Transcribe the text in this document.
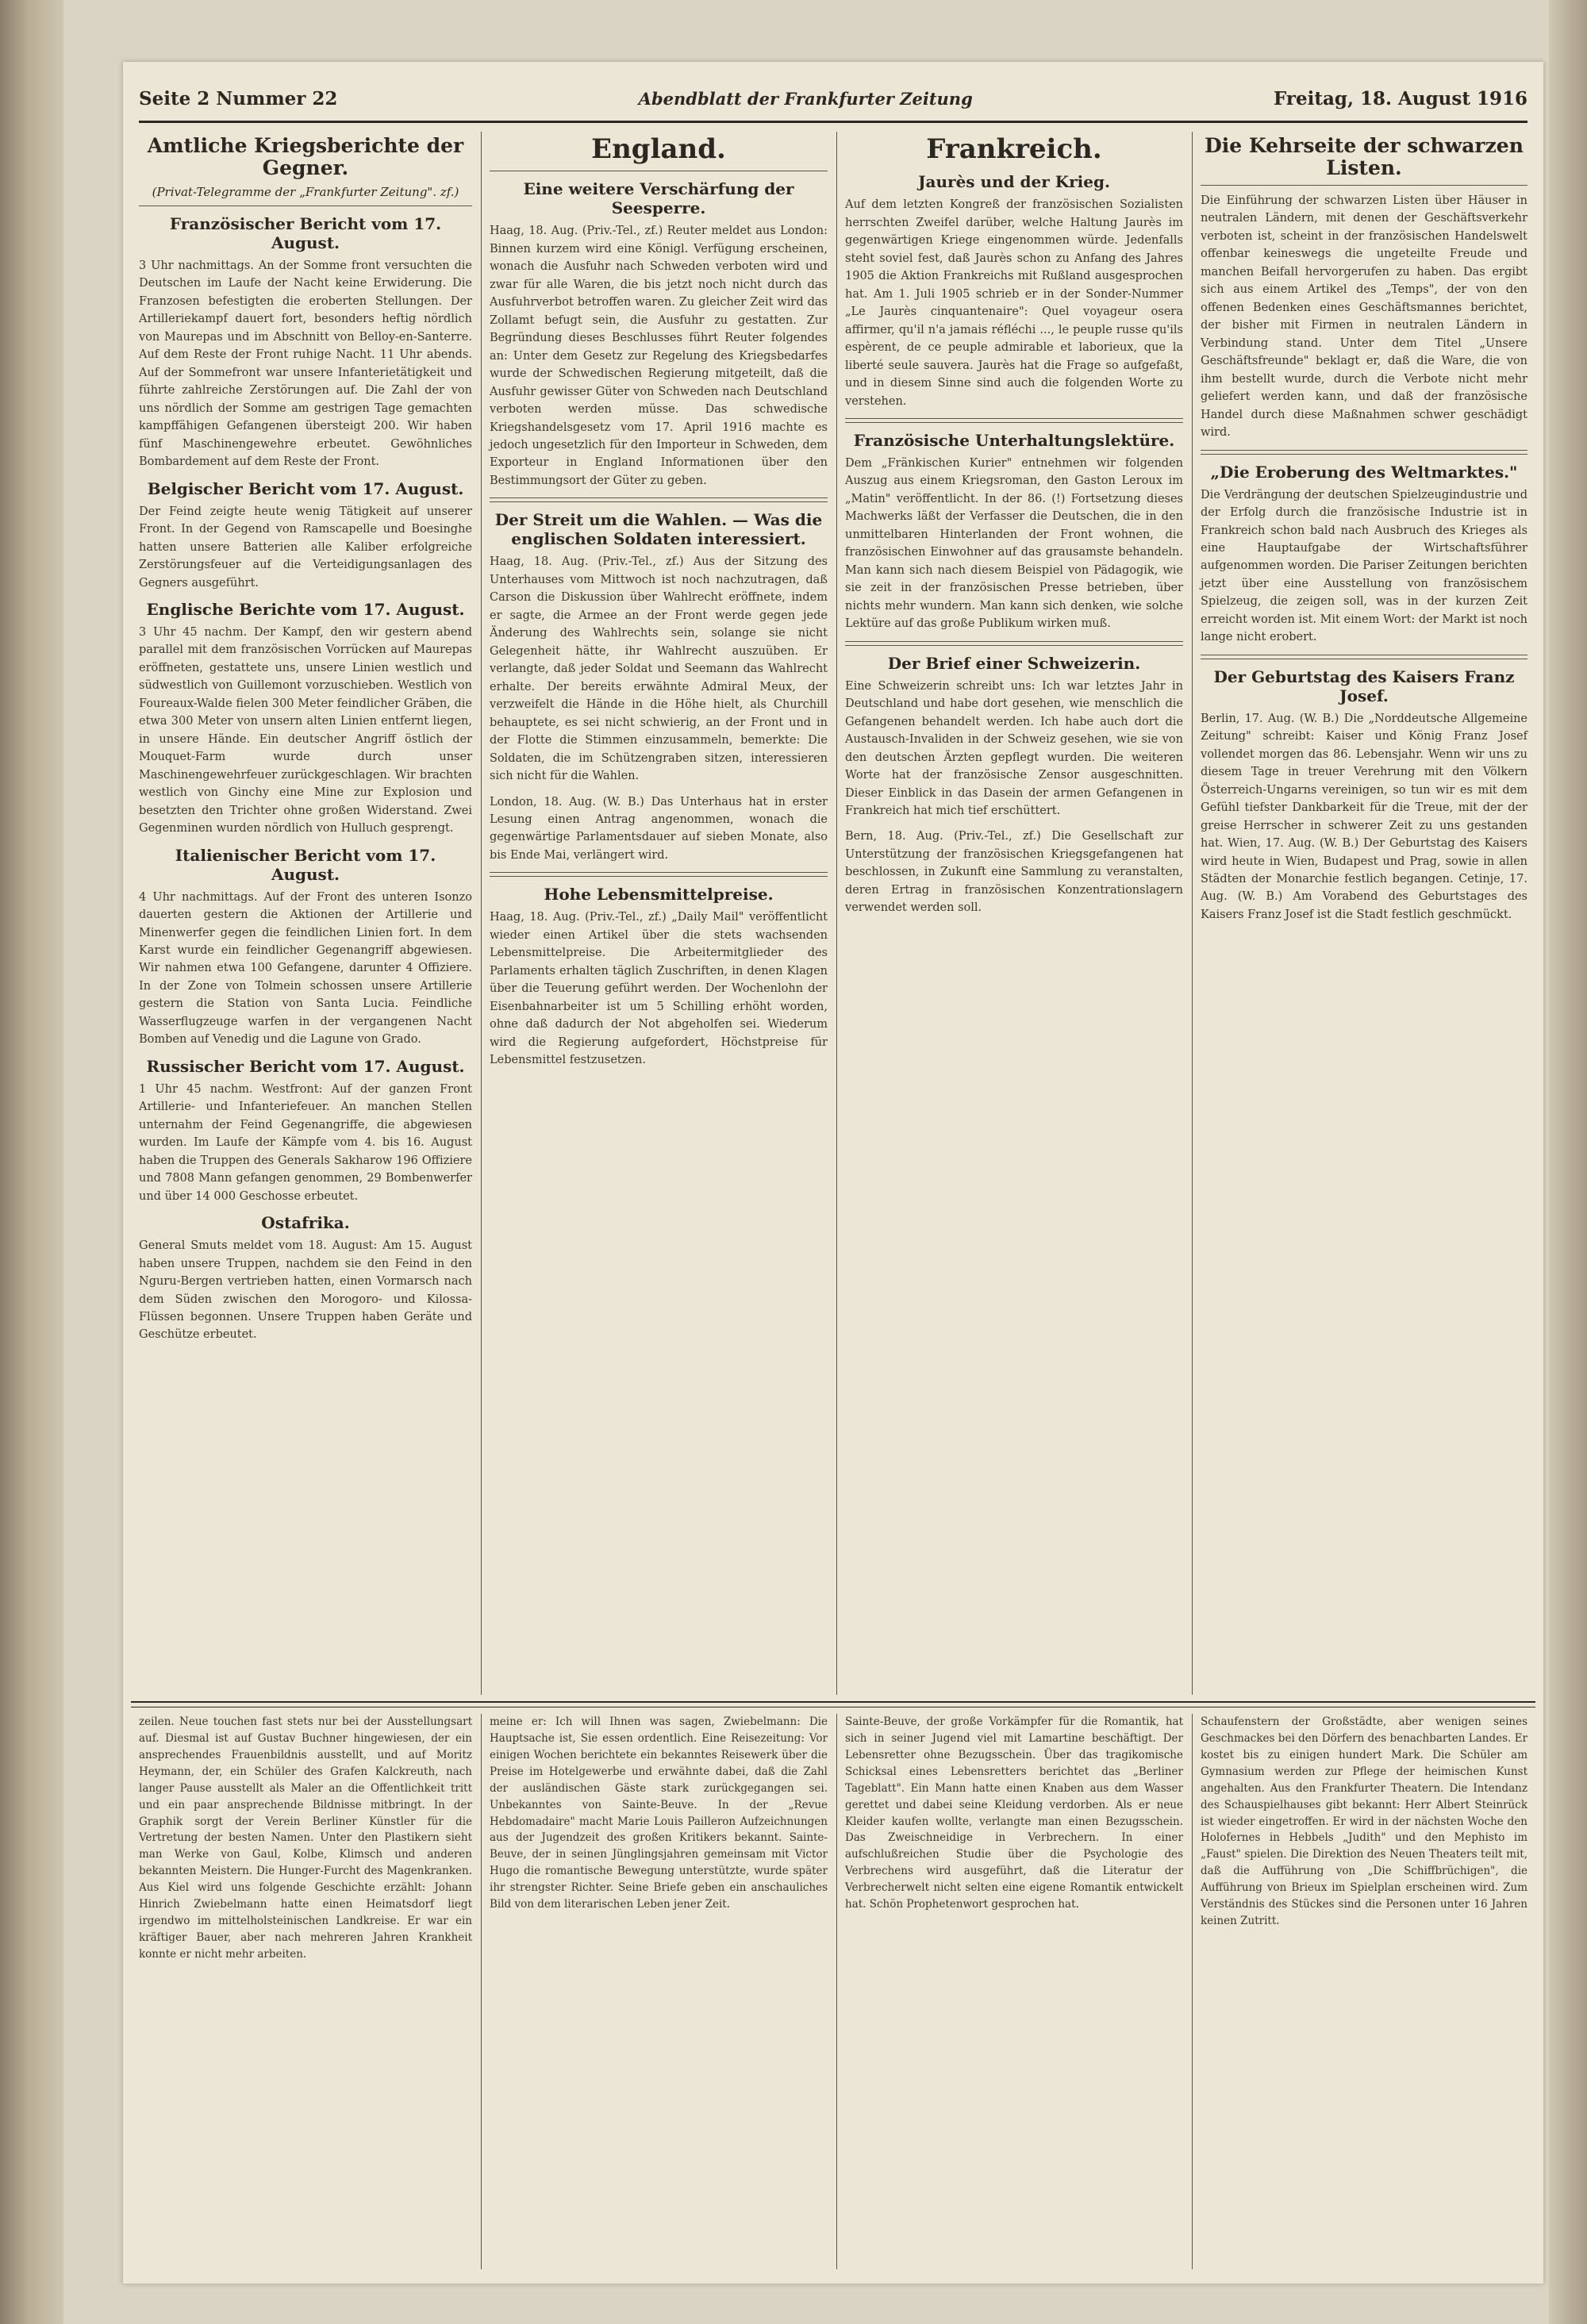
Seite 2 Nummer 22	Abendblatt der Frankfurter Zeitung	Freitag, 18. August 1916
Amtliche Kriegsberichte der Gegner.

(Privat-Telegramme der „Frankfurter Zeitung". zf.)

Französischer Bericht vom 17. August.

3 Uhr nachmittags. An der Somme front versuchten die Deutschen im Laufe der Nacht keine Erwiderung. Die Franzosen befestigten die eroberten Stellungen. Der Artilleriekampf dauert fort, besonders heftig nördlich von Maurepas und im Abschnitt von Belloy-en-Santerre. Auf dem Reste der Front ruhige Nacht. 11 Uhr abends. Auf der Sommefront war unsere Infanterietätigkeit und führte zahlreiche Zerstörungen auf. Die Zahl der von uns nördlich der Somme am gestrigen Tage gemachten kampffähigen Gefangenen übersteigt 200. Wir haben fünf Maschinengewehre erbeutet. Gewöhnliches Bombardement auf dem Reste der Front.

Belgischer Bericht vom 17. August.

Der Feind zeigte heute wenig Tätigkeit auf unserer Front. In der Gegend von Ramscapelle und Boesinghe hatten unsere Batterien alle Kaliber erfolgreiche Zerstörungsfeuer auf die Verteidigungsanlagen des Gegners ausgeführt.

Englische Berichte vom 17. August.

3 Uhr 45 nachm. Der Kampf, den wir gestern abend parallel mit dem französischen Vorrücken auf Maurepas eröffneten, gestattete uns, unsere Linien westlich und südwestlich von Guillemont vorzuschieben. Westlich von Foureaux-Walde fielen 300 Meter feindlicher Gräben, die etwa 300 Meter von unsern alten Linien entfernt liegen, in unsere Hände. Ein deutscher Angriff östlich der Mouquet-Farm wurde durch unser Maschinengewehrfeuer zurückgeschlagen. Wir brachten westlich von Ginchy eine Mine zur Explosion und besetzten den Trichter ohne großen Widerstand. Zwei Gegenminen wurden nördlich von Hulluch gesprengt.

Italienischer Bericht vom 17. August.

4 Uhr nachmittags. Auf der Front des unteren Isonzo dauerten gestern die Aktionen der Artillerie und Minenwerfer gegen die feindlichen Linien fort. In dem Karst wurde ein feindlicher Gegenangriff abgewiesen. Wir nahmen etwa 100 Gefangene, darunter 4 Offiziere. In der Zone von Tolmein schossen unsere Artillerie gestern die Station von Santa Lucia. Feindliche Wasserflugzeuge warfen in der vergangenen Nacht Bomben auf Venedig und die Lagune von Grado.

Russischer Bericht vom 17. August.

1 Uhr 45 nachm. Westfront: Auf der ganzen Front Artillerie- und Infanteriefeuer. An manchen Stellen unternahm der Feind Gegenangriffe, die abgewiesen wurden. Im Laufe der Kämpfe vom 4. bis 16. August haben die Truppen des Generals Sakharow 196 Offiziere und 7808 Mann gefangen genommen, 29 Bombenwerfer und über 14 000 Geschosse erbeutet.

Ostafrika.

General Smuts meldet vom 18. August: Am 15. August haben unsere Truppen, nachdem sie den Feind in den Nguru-Bergen vertrieben hatten, einen Vormarsch nach dem Süden zwischen den Morogoro- und Kilossa-Flüssen begonnen. Unsere Truppen haben Geräte und Geschütze erbeutet.

England.
Eine weitere Verschärfung der Seesperre.

Haag, 18. Aug. (Priv.-Tel., zf.) Reuter meldet aus London: Binnen kurzem wird eine Königl. Verfügung erscheinen, wonach die Ausfuhr nach Schweden verboten wird und zwar für alle Waren, die bis jetzt noch nicht durch das Ausfuhrverbot betroffen waren. Zu gleicher Zeit wird das Zollamt befugt sein, die Ausfuhr zu gestatten. Zur Begründung dieses Beschlusses führt Reuter folgendes an: Unter dem Gesetz zur Regelung des Kriegsbedarfes wurde der Schwedischen Regierung mitgeteilt, daß die Ausfuhr gewisser Güter von Schweden nach Deutschland verboten werden müsse. Das schwedische Kriegshandelsgesetz vom 17. April 1916 machte es jedoch ungesetzlich für den Importeur in Schweden, dem Exporteur in England Informationen über den Bestimmungsort der Güter zu geben.

Der Streit um die Wahlen. — Was die englischen Soldaten interessiert.

Haag, 18. Aug. (Priv.-Tel., zf.) Aus der Sitzung des Unterhauses vom Mittwoch ist noch nachzutragen, daß Carson die Diskussion über Wahlrecht eröffnete, indem er sagte, die Armee an der Front werde gegen jede Änderung des Wahlrechts sein, solange sie nicht Gelegenheit hätte, ihr Wahlrecht auszuüben. Er verlangte, daß jeder Soldat und Seemann das Wahlrecht erhalte. Der bereits erwähnte Admiral Meux, der verzweifelt die Hände in die Höhe hielt, als Churchill behauptete, es sei nicht schwierig, an der Front und in der Flotte die Stimmen einzusammeln, bemerkte: Die Soldaten, die im Schützengraben sitzen, interessieren sich nicht für die Wahlen.

London, 18. Aug. (W. B.) Das Unterhaus hat in erster Lesung einen Antrag angenommen, wonach die gegenwärtige Parlamentsdauer auf sieben Monate, also bis Ende Mai, verlängert wird.

Hohe Lebensmittelpreise.

Haag, 18. Aug. (Priv.-Tel., zf.) „Daily Mail" veröffentlicht wieder einen Artikel über die stets wachsenden Lebensmittelpreise. Die Arbeitermitglieder des Parlaments erhalten täglich Zuschriften, in denen Klagen über die Teuerung geführt werden. Der Wochenlohn der Eisenbahnarbeiter ist um 5 Schilling erhöht worden, ohne daß dadurch der Not abgeholfen sei. Wiederum wird die Regierung aufgefordert, Höchstpreise für Lebensmittel festzusetzen.

Frankreich.
Jaurès und der Krieg.

Auf dem letzten Kongreß der französischen Sozialisten herrschten Zweifel darüber, welche Haltung Jaurès im gegenwärtigen Kriege eingenommen würde. Jedenfalls steht soviel fest, daß Jaurès schon zu Anfang des Jahres 1905 die Aktion Frankreichs mit Rußland ausgesprochen hat. Am 1. Juli 1905 schrieb er in der Sonder-Nummer „Le Jaurès cinquantenaire": Quel voyageur osera affirmer, qu'il n'a jamais réfléchi ..., le peuple russe qu'ils espèrent, de ce peuple admirable et laborieux, que la liberté seule sauvera. Jaurès hat die Frage so aufgefaßt, und in diesem Sinne sind auch die folgenden Worte zu verstehen.

Französische Unterhaltungslektüre.

Dem „Fränkischen Kurier" entnehmen wir folgenden Auszug aus einem Kriegsroman, den Gaston Leroux im „Matin" veröffentlicht. In der 86. (!) Fortsetzung dieses Machwerks läßt der Verfasser die Deutschen, die in den unmittelbaren Hinterlanden der Front wohnen, die französischen Einwohner auf das grausamste behandeln. Man kann sich nach diesem Beispiel von Pädagogik, wie sie zeit in der französischen Presse betrieben, über nichts mehr wundern. Man kann sich denken, wie solche Lektüre auf das große Publikum wirken muß.

Der Brief einer Schweizerin.

Eine Schweizerin schreibt uns: Ich war letztes Jahr in Deutschland und habe dort gesehen, wie menschlich die Gefangenen behandelt werden. Ich habe auch dort die Austausch-Invaliden in der Schweiz gesehen, wie sie von den deutschen Ärzten gepflegt wurden. Die weiteren Worte hat der französische Zensor ausgeschnitten. Dieser Einblick in das Dasein der armen Gefangenen in Frankreich hat mich tief erschüttert.

Bern, 18. Aug. (Priv.-Tel., zf.) Die Gesellschaft zur Unterstützung der französischen Kriegsgefangenen hat beschlossen, in Zukunft eine Sammlung zu veranstalten, deren Ertrag in französischen Konzentrationslagern verwendet werden soll.

Die Kehrseite der schwarzen Listen.

Die Einführung der schwarzen Listen über Häuser in neutralen Ländern, mit denen der Geschäftsverkehr verboten ist, scheint in der französischen Handelswelt offenbar keineswegs die ungeteilte Freude und manchen Beifall hervorgerufen zu haben. Das ergibt sich aus einem Artikel des „Temps", der von den offenen Bedenken eines Geschäftsmannes berichtet, der bisher mit Firmen in neutralen Ländern in Verbindung stand. Unter dem Titel „Unsere Geschäftsfreunde" beklagt er, daß die Ware, die von ihm bestellt wurde, durch die Verbote nicht mehr geliefert werden kann, und daß der französische Handel durch diese Maßnahmen schwer geschädigt wird.

„Die Eroberung des Weltmarktes."

Die Verdrängung der deutschen Spielzeugindustrie und der Erfolg durch die französische Industrie ist in Frankreich schon bald nach Ausbruch des Krieges als eine Hauptaufgabe der Wirtschaftsführer aufgenommen worden. Die Pariser Zeitungen berichten jetzt über eine Ausstellung von französischem Spielzeug, die zeigen soll, was in der kurzen Zeit erreicht worden ist. Mit einem Wort: der Markt ist noch lange nicht erobert.

Der Geburtstag des Kaisers Franz Josef.

Berlin, 17. Aug. (W. B.) Die „Norddeutsche Allgemeine Zeitung" schreibt: Kaiser und König Franz Josef vollendet morgen das 86. Lebensjahr. Wenn wir uns zu diesem Tage in treuer Verehrung mit den Völkern Österreich-Ungarns vereinigen, so tun wir es mit dem Gefühl tiefster Dankbarkeit für die Treue, mit der der greise Herrscher in schwerer Zeit zu uns gestanden hat. Wien, 17. Aug. (W. B.) Der Geburtstag des Kaisers wird heute in Wien, Budapest und Prag, sowie in allen Städten der Monarchie festlich begangen. Cetinje, 17. Aug. (W. B.) Am Vorabend des Geburtstages des Kaisers Franz Josef ist die Stadt festlich geschmückt.

zeilen. Neue touchen fast stets nur bei der Ausstellungsart auf. Diesmal ist auf Gustav Buchner hingewiesen, der ein ansprechendes Frauenbildnis ausstellt, und auf Moritz Heymann, der, ein Schüler des Grafen Kalckreuth, nach langer Pause ausstellt als Maler an die Offentlichkeit tritt und ein paar ansprechende Bildnisse mitbringt. In der Graphik sorgt der Verein Berliner Künstler für die Vertretung der besten Namen. Unter den Plastikern sieht man Werke von Gaul, Kolbe, Klimsch und anderen bekannten Meistern. Die Hunger-Furcht des Magenkranken. Aus Kiel wird uns folgende Geschichte erzählt: Johann Hinrich Zwiebelmann hatte einen Heimatsdorf liegt irgendwo im mittelholsteinischen Landkreise. Er war ein kräftiger Bauer, aber nach mehreren Jahren Krankheit konnte er nicht mehr arbeiten.

meine er: Ich will Ihnen was sagen, Zwiebelmann: Die Hauptsache ist, Sie essen ordentlich. Eine Reisezeitung: Vor einigen Wochen berichtete ein bekanntes Reisewerk über die Preise im Hotelgewerbe und erwähnte dabei, daß die Zahl der ausländischen Gäste stark zurückgegangen sei. Unbekanntes von Sainte-Beuve. In der „Revue Hebdomadaire" macht Marie Louis Pailleron Aufzeichnungen aus der Jugendzeit des großen Kritikers bekannt. Sainte-Beuve, der in seinen Jünglingsjahren gemeinsam mit Victor Hugo die romantische Bewegung unterstützte, wurde später ihr strengster Richter. Seine Briefe geben ein anschauliches Bild von dem literarischen Leben jener Zeit.

Sainte-Beuve, der große Vorkämpfer für die Romantik, hat sich in seiner Jugend viel mit Lamartine beschäftigt. Der Lebensretter ohne Bezugsschein. Über das tragikomische Schicksal eines Lebensretters berichtet das „Berliner Tageblatt". Ein Mann hatte einen Knaben aus dem Wasser gerettet und dabei seine Kleidung verdorben. Als er neue Kleider kaufen wollte, verlangte man einen Bezugsschein. Das Zweischneidige in Verbrechern. In einer aufschlußreichen Studie über die Psychologie des Verbrechens wird ausgeführt, daß die Literatur der Verbrecherwelt nicht selten eine eigene Romantik entwickelt hat. Schön Prophetenwort gesprochen hat.

Schaufenstern der Großstädte, aber wenigen seines Geschmackes bei den Dörfern des benachbarten Landes. Er kostet bis zu einigen hundert Mark. Die Schüler am Gymnasium werden zur Pflege der heimischen Kunst angehalten. Aus den Frankfurter Theatern. Die Intendanz des Schauspielhauses gibt bekannt: Herr Albert Steinrück ist wieder eingetroffen. Er wird in der nächsten Woche den Holofernes in Hebbels „Judith" und den Mephisto im „Faust" spielen. Die Direktion des Neuen Theaters teilt mit, daß die Aufführung von „Die Schiffbrüchigen", die Aufführung von Brieux im Spielplan erscheinen wird. Zum Verständnis des Stückes sind die Personen unter 16 Jahren keinen Zutritt.
